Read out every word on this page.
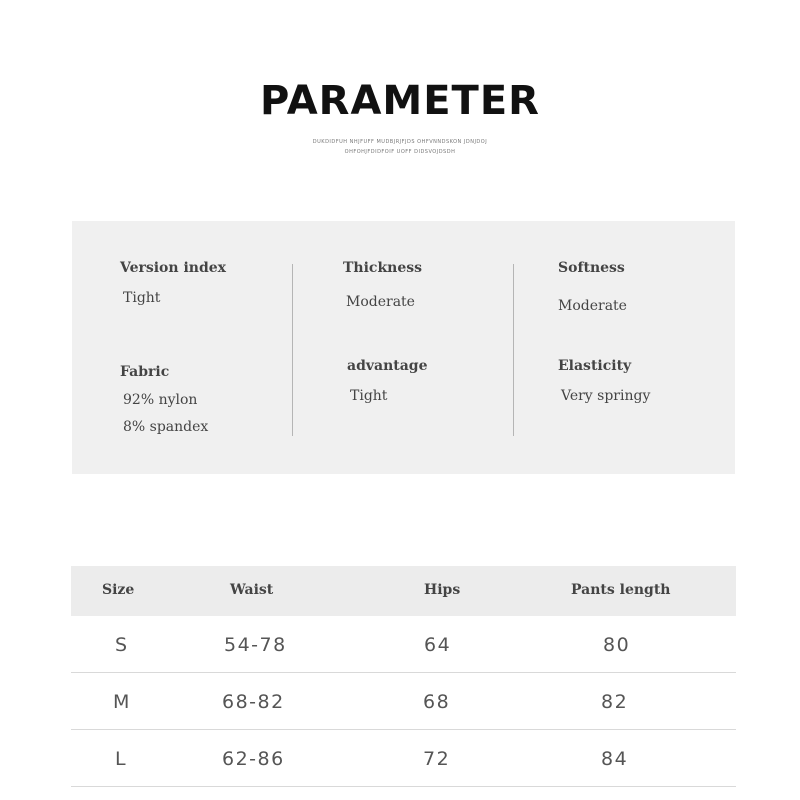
PARAMETER
DUKDIDFUH NHJFUFF MUDBJRJFJDS OHFVNNDSKON JDNJDOJ
OHFOHJFDIDFOIF UOFF DIDSVOJDSDH
Version index
Tight
Fabric
92% nylon
8% spandex
Thickness
Moderate
advantage
Tight
Softness
Moderate
Elasticity
Very springy
Size	Waist	Hips	Pants length
S	54-78	64	80
M	68-82	68	82
L	62-86	72	84
